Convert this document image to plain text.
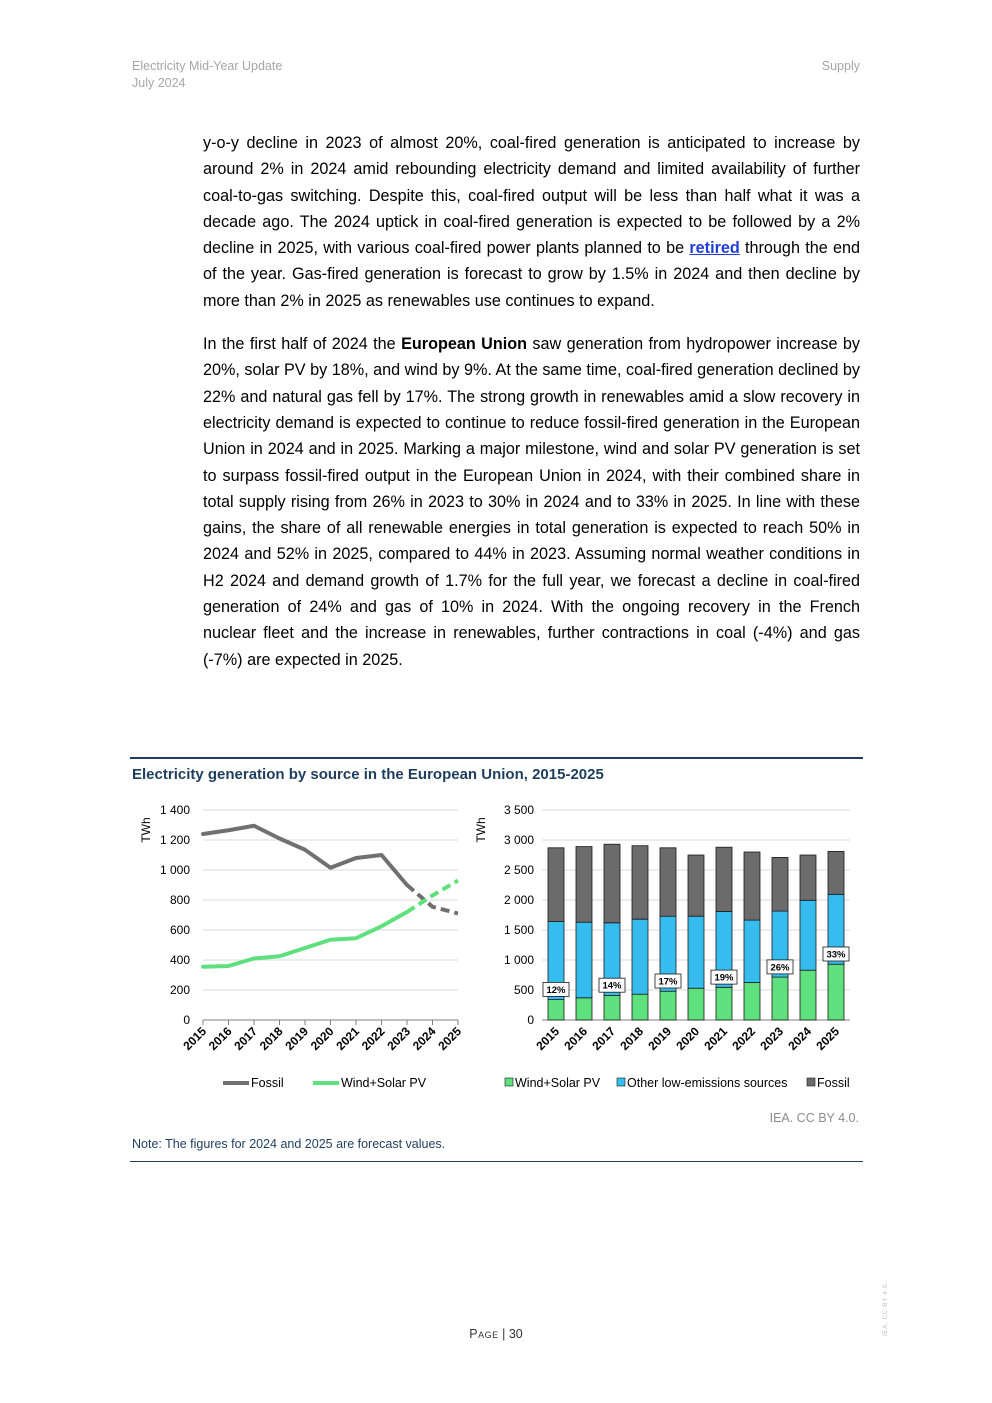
Electricity Mid-Year Update
July 2024
Supply

y-o-y decline in 2023 of almost 20%, coal-fired generation is anticipated to increase by around 2% in 2024 amid rebounding electricity demand and limited availability of further coal-to-gas switching. Despite this, coal-fired output will be less than half what it was a decade ago. The 2024 uptick in coal-fired generation is expected to be followed by a 2% decline in 2025, with various coal-fired power plants planned to be retired through the end of the year. Gas-fired generation is forecast to grow by 1.5% in 2024 and then decline by more than 2% in 2025 as renewables use continues to expand.

In the first half of 2024 the European Union saw generation from hydropower increase by 20%, solar PV by 18%, and wind by 9%. At the same time, coal-fired generation declined by 22% and natural gas fell by 17%. The strong growth in renewables amid a slow recovery in electricity demand is expected to continue to reduce fossil-fired generation in the European Union in 2024 and in 2025. Marking a major milestone, wind and solar PV generation is set to surpass fossil-fired output in the European Union in 2024, with their combined share in total supply rising from 26% in 2023 to 30% in 2024 and to 33% in 2025. In line with these gains, the share of all renewable energies in total generation is expected to reach 50% in 2024 and 52% in 2025, compared to 44% in 2023. Assuming normal weather conditions in H2 2024 and demand growth of 1.7% for the full year, we forecast a decline in coal-fired generation of 24% and gas of 10% in 2024. With the ongoing recovery in the French nuclear fleet and the increase in renewables, further contractions in coal (-4%) and gas (-7%) are expected in 2025.

Electricity generation by source in the European Union, 2015-2025
0
200
400
600
800
1 000
1 200
1 400
TWh
2015
2016
2017
2018
2019
2020
2021
2022
2023
2024
2025
Fossil	Wind+Solar PV
0
500
1 000
1 500
2 000
2 500
3 000
3 500
TWh
2015 2016 2017 2018 2019 2020 2021 2022 2023 2024 2025
12%	14%	17%	19%
26%
33%
Wind+Solar PV Other low-emissions sources Fossil
IEA. CC BY 4.0.
Note: The figures for 2024 and 2025 are forecast values.
Page | 30	IEA. CC BY 4.0.
